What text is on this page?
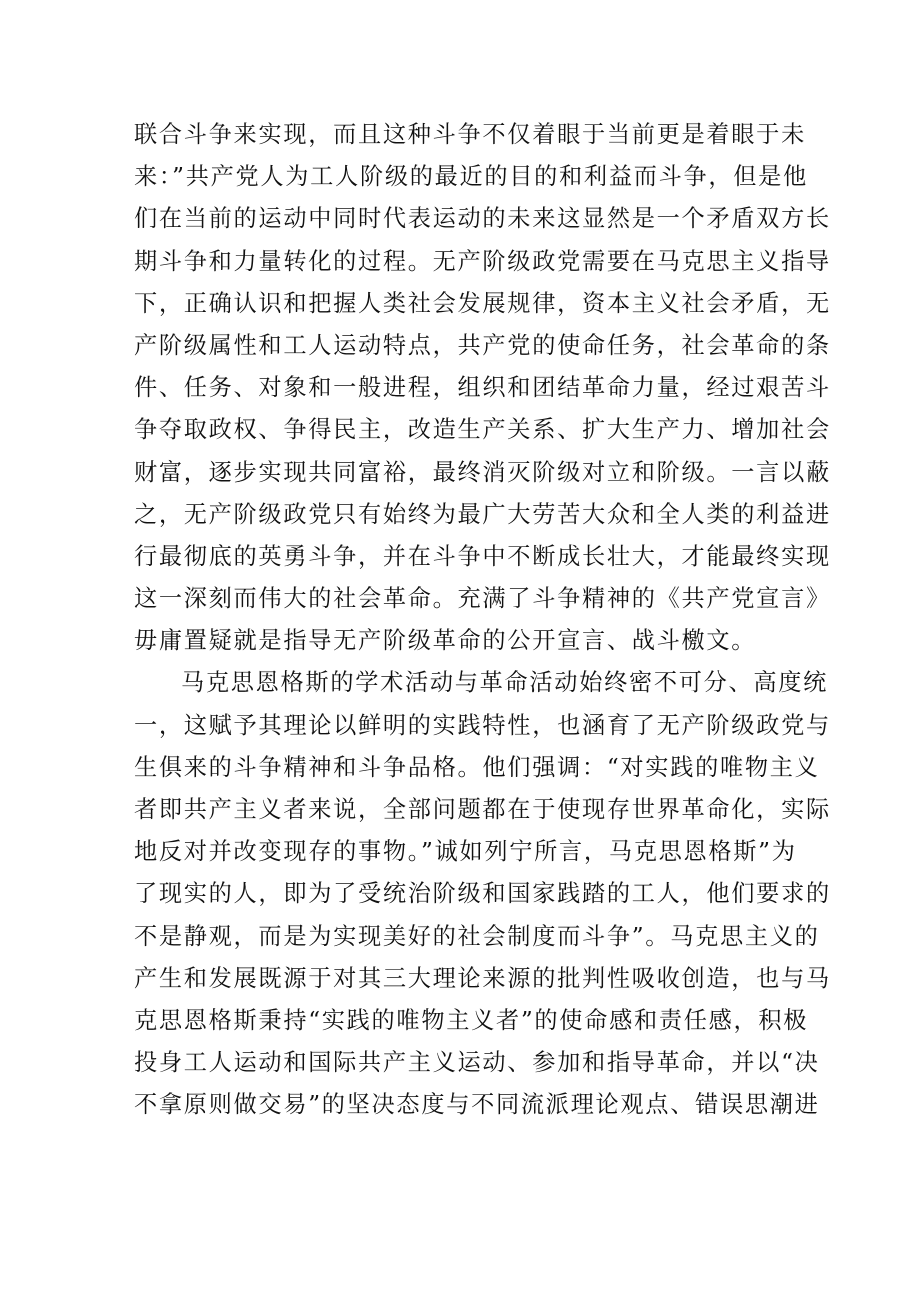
联合斗争来实现，而且这种斗争不仅着眼于当前更是着眼于未
来：”共产党人为工人阶级的最近的目的和利益而斗争，但是他
们在当前的运动中同时代表运动的未来这显然是一个矛盾双方长
期斗争和力量转化的过程。无产阶级政党需要在马克思主义指导
下，正确认识和把握人类社会发展规律，资本主义社会矛盾，无
产阶级属性和工人运动特点，共产党的使命任务，社会革命的条
件、任务、对象和一般进程，组织和团结革命力量，经过艰苦斗
争夺取政权、争得民主，改造生产关系、扩大生产力、增加社会
财富，逐步实现共同富裕，最终消灭阶级对立和阶级。一言以蔽
之，无产阶级政党只有始终为最广大劳苦大众和全人类的利益进
行最彻底的英勇斗争，并在斗争中不断成长壮大，才能最终实现
这一深刻而伟大的社会革命。充满了斗争精神的《共产党宣言》
毋庸置疑就是指导无产阶级革命的公开宣言、战斗檄文。
马克思恩格斯的学术活动与革命活动始终密不可分、高度统
一，这赋予其理论以鲜明的实践特性，也涵育了无产阶级政党与
生俱来的斗争精神和斗争品格。他们强调：“对实践的唯物主义
者即共产主义者来说，全部问题都在于使现存世界革命化，实际
地反对并改变现存的事物。”诚如列宁所言，马克思恩格斯”为
了现实的人，即为了受统治阶级和国家践踏的工人，他们要求的
不是静观，而是为实现美好的社会制度而斗争”。马克思主义的
产生和发展既源于对其三大理论来源的批判性吸收创造，也与马
克思恩格斯秉持“实践的唯物主义者”的使命感和责任感，积极
投身工人运动和国际共产主义运动、参加和指导革命，并以“决
不拿原则做交易”的坚决态度与不同流派理论观点、错误思潮进
